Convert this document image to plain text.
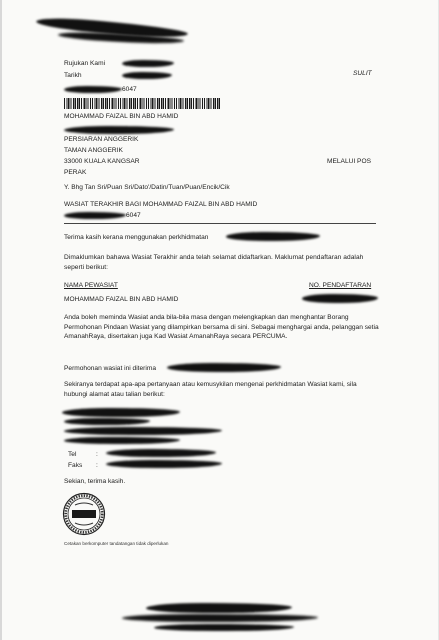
Rujukan Kami
SULIT
Tarikh
6047
MOHAMMAD FAIZAL BIN ABD HAMID
PERSIARAN ANGGERIK
TAMAN ANGGERIK
33000 KUALA KANGSAR	MELALUI POS
PERAK
Y. Bhg Tan Sri/Puan Sri/Dato'/Datin/Tuan/Puan/Encik/Cik
WASIAT TERAKHIR BAGI MOHAMMAD FAIZAL BIN ABD HAMID
6047
Terima kasih kerana menggunakan perkhidmatan
Dimaklumkan bahawa Wasiat Terakhir anda telah selamat didaftarkan. Maklumat pendaftaran adalah seperti berikut:
NAMA PEWASIAT	NO. PENDAFTARAN
MOHAMMAD FAIZAL BIN ABD HAMID
Anda boleh meminda Wasiat anda bila-bila masa dengan melengkapkan dan menghantar Borang Permohonan Pindaan Wasiat yang dilampirkan bersama di sini. Sebagai menghargai anda, pelanggan setia AmanahRaya, disertakan juga Kad Wasiat AmanahRaya secara PERCUMA.
Permohonan wasiat ini diterima
Sekiranya terdapat apa-apa pertanyaan atau kemusykilan mengenai perkhidmatan Wasiat kami, sila hubungi alamat atau talian berikut:
Tel	:
Faks :
Sekian, terima kasih.
Cetakan berkomputer tandatangan tidak diperlukan
